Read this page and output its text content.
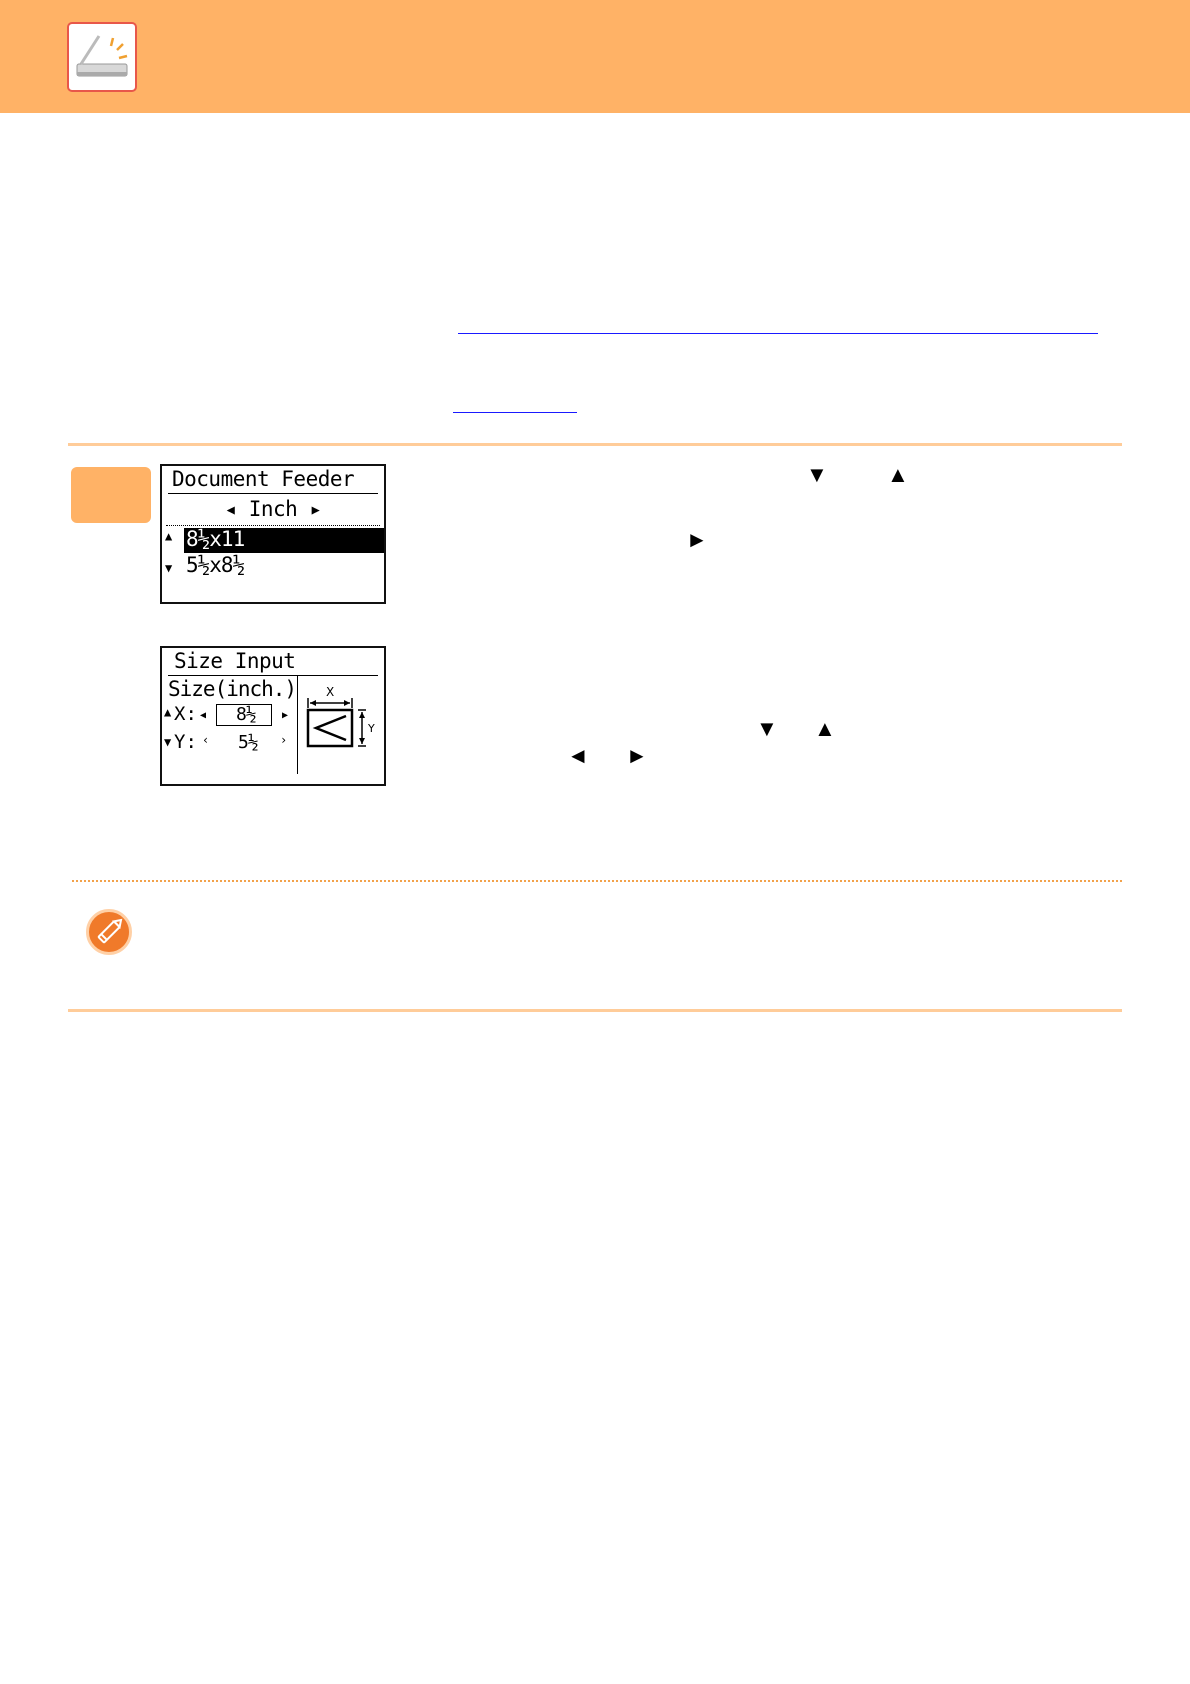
Document Feeder
◂ Inch ▸
▲ 8½x11
▼ 5½x8½
▼	▲
►
Size Input
Size(inch.)
▲ X: ◀ 8½	▶
▼ Y: ‹ 5½ ›
X
Y	▼ ▲
◄ ►
